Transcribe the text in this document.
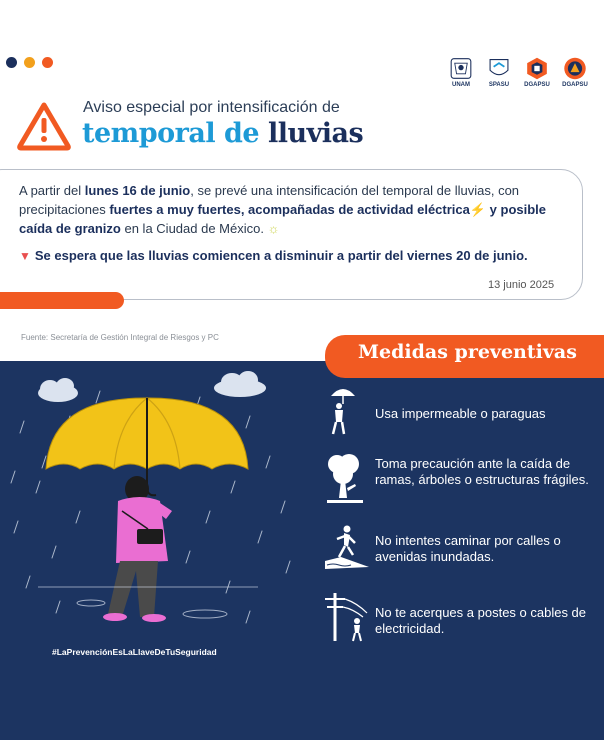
UNAM	SPASU	DGAPSU DGAPSU
Aviso especial por intensificación de
temporal de lluvias
A partir del lunes 16 de junio, se prevé una intensificación del temporal de lluvias, con precipitaciones fuertes a muy fuertes, acompañadas de actividad eléctrica⚡ y posible caída de granizo en la Ciudad de México. ☼
▼ Se espera que las lluvias comiencen a disminuir a partir del viernes 20 de junio.
13 junio 2025
Fuente: Secretaría de Gestión Integral de Riesgos y PC
#LaPrevenciónEsLaLlaveDeTuSeguridad
Medidas preventivas
Usa impermeable o paraguas
Toma precaución ante la caída de ramas, árboles o estructuras frágiles.
No intentes caminar por calles o avenidas inundadas.
No te acerques a postes o cables de electricidad.
